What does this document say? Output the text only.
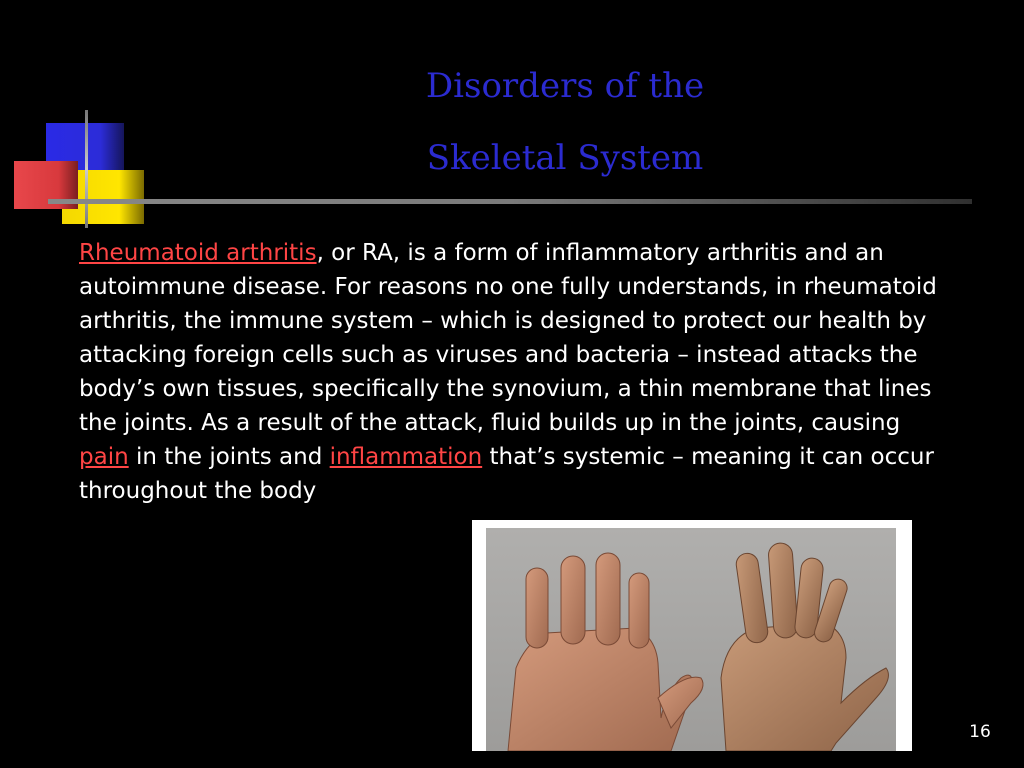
Disorders of the
Skeletal System
Rheumatoid arthritis, or RA, is a form of inflammatory arthritis and an autoimmune disease. For reasons no one fully understands, in rheumatoid arthritis, the immune system – which is designed to protect our health by attacking foreign cells such as viruses and bacteria – instead attacks the body’s own tissues, specifically the synovium, a thin membrane that lines the joints. As a result of the attack, fluid builds up in the joints, causing pain in the joints and inflammation that’s systemic – meaning it can occur throughout the body
16
